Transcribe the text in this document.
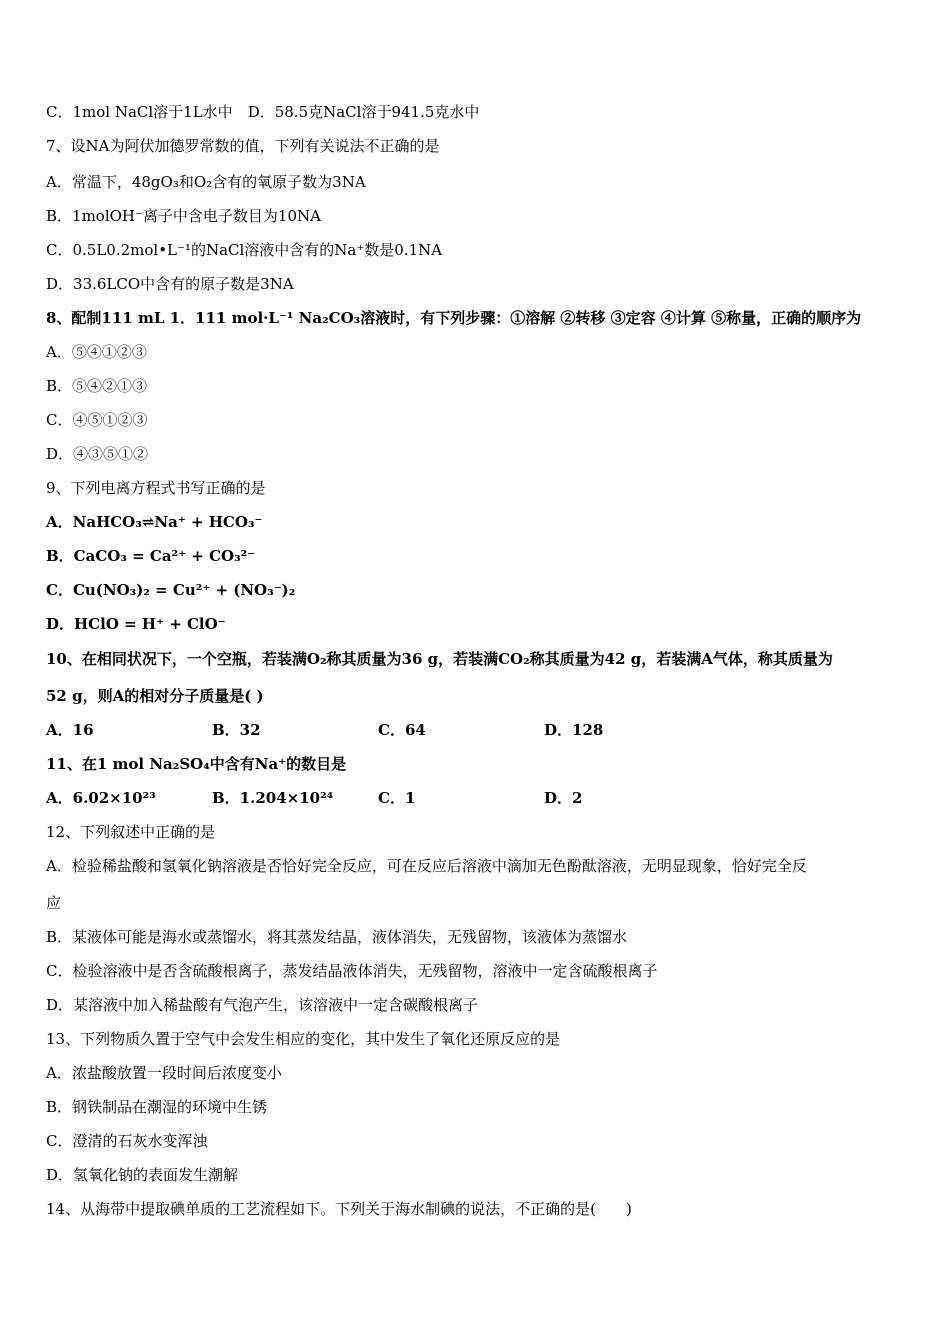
C．1mol NaCl溶于1L水中　D．58.5克NaCl溶于941.5克水中
7、设NA为阿伏加德罗常数的值，下列有关说法不正确的是
A．常温下，48gO₃和O₂含有的氧原子数为3NA
B．1molOH⁻离子中含电子数目为10NA
C．0.5L0.2mol•L⁻¹的NaCl溶液中含有的Na⁺数是0.1NA
D．33.6LCO中含有的原子数是3NA
8、配制111 mL 1．111 mol·L⁻¹ Na₂CO₃溶液时，有下列步骤：①溶解 ②转移 ③定容 ④计算 ⑤称量，正确的顺序为
A．⑤④①②③
B．⑤④②①③
C．④⑤①②③
D．④③⑤①②
9、下列电离方程式书写正确的是
A．NaHCO₃⇌Na⁺ + HCO₃⁻
B．CaCO₃ = Ca²⁺ + CO₃²⁻
C．Cu(NO₃)₂ = Cu²⁺ + (NO₃⁻)₂
D．HClO = H⁺ + ClO⁻
10、在相同状况下，一个空瓶，若装满O₂称其质量为36 g，若装满CO₂称其质量为42 g，若装满A气体，称其质量为
52 g，则A的相对分子质量是( )
A．16	B．32	C．64	D．128
11、在1 mol Na₂SO₄中含有Na⁺的数目是
A．6.02×10²³	B．1.204×10²⁴	C．1	D．2
12、下列叙述中正确的是
A．检验稀盐酸和氢氧化钠溶液是否恰好完全反应，可在反应后溶液中滴加无色酚酞溶液，无明显现象，恰好完全反
应
B．某液体可能是海水或蒸馏水，将其蒸发结晶，液体消失，无残留物，该液体为蒸馏水
C．检验溶液中是否含硫酸根离子，蒸发结晶液体消失，无残留物，溶液中一定含硫酸根离子
D．某溶液中加入稀盐酸有气泡产生，该溶液中一定含碳酸根离子
13、下列物质久置于空气中会发生相应的变化，其中发生了氧化还原反应的是
A．浓盐酸放置一段时间后浓度变小
B．钢铁制品在潮湿的环境中生锈
C．澄清的石灰水变浑浊
D．氢氧化钠的表面发生潮解
14、从海带中提取碘单质的工艺流程如下。下列关于海水制碘的说法，不正确的是(　　)
